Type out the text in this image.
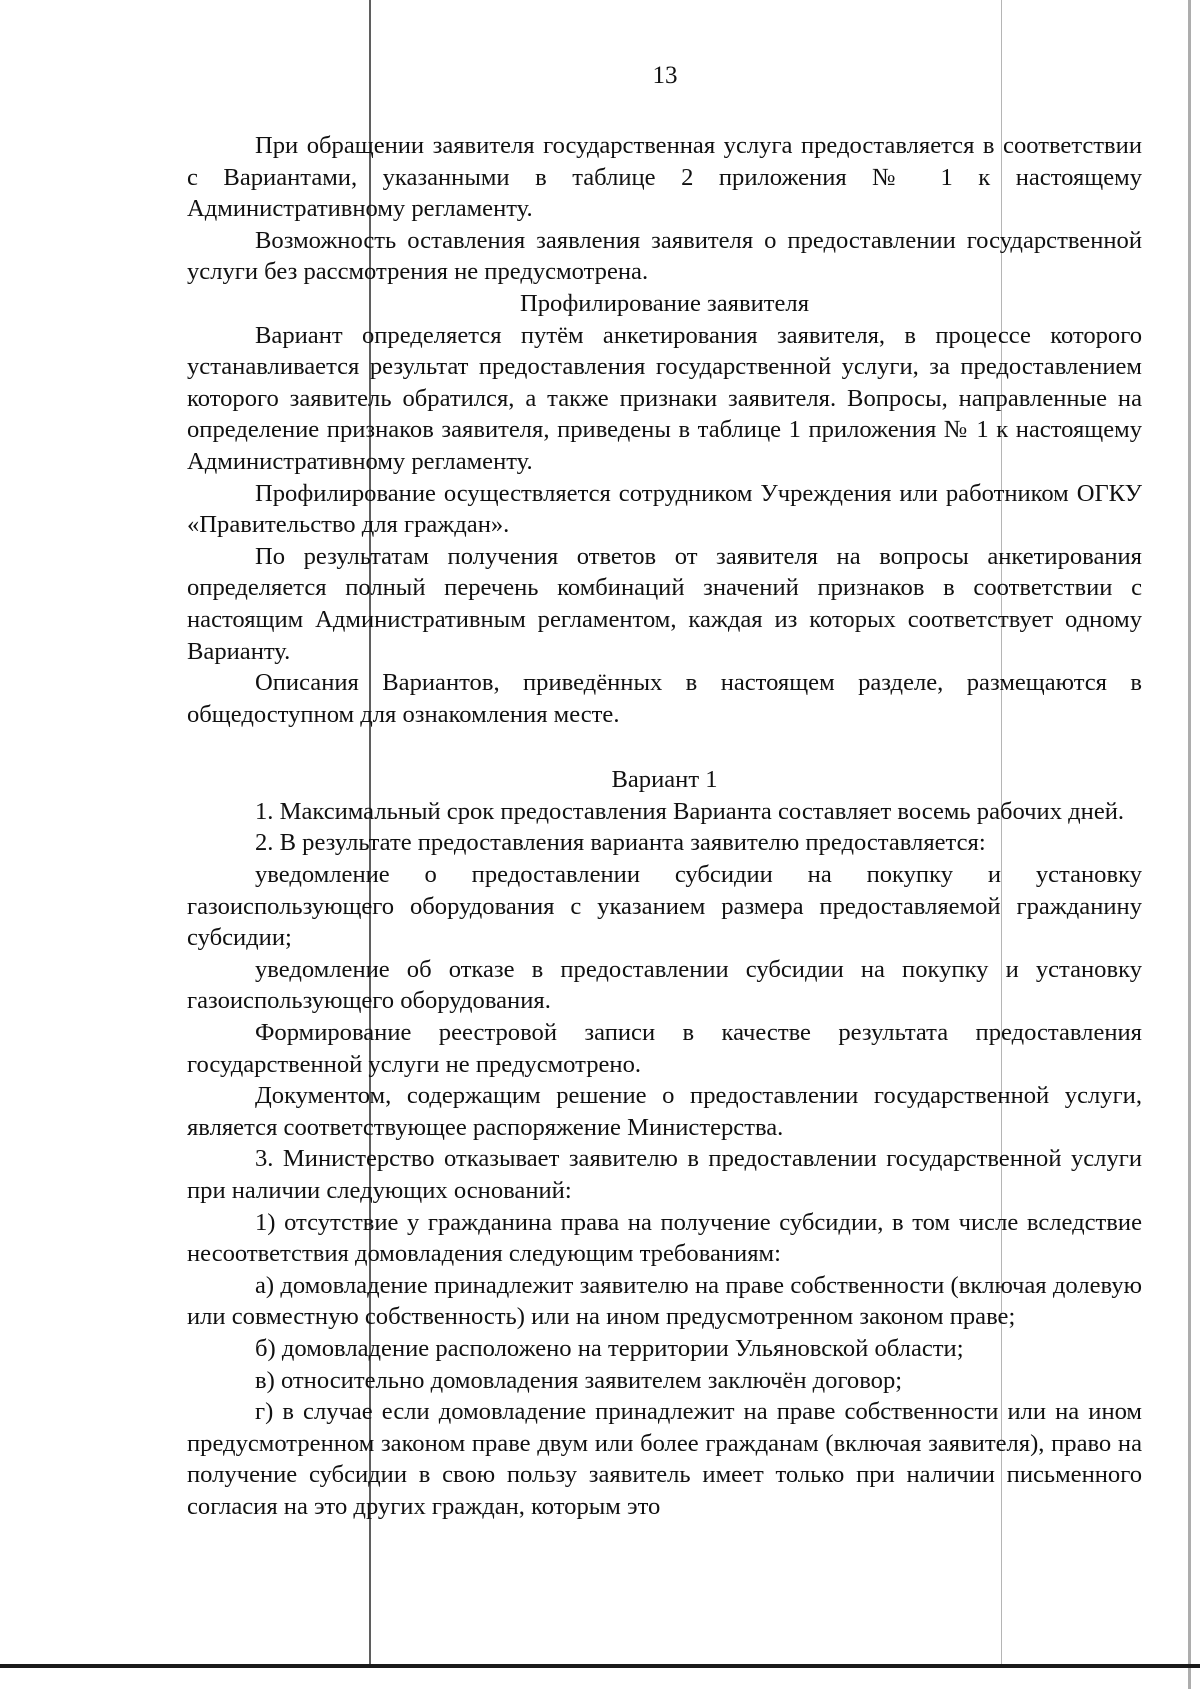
13

При обращении заявителя государственная услуга предоставляется в соответствии с Вариантами, указанными в таблице 2 приложения № 1 к настоящему Административному регламенту.

Возможность оставления заявления заявителя о предоставлении государственной услуги без рассмотрения не предусмотрена.

Профилирование заявителя

Вариант определяется путём анкетирования заявителя, в процессе которого устанавливается результат предоставления государственной услуги, за предоставлением которого заявитель обратился, а также признаки заявителя. Вопросы, направленные на определение признаков заявителя, приведены в таблице 1 приложения № 1 к настоящему Административному регламенту.

Профилирование осуществляется сотрудником Учреждения или работником ОГКУ «Правительство для граждан».

По результатам получения ответов от заявителя на вопросы анкетирования определяется полный перечень комбинаций значений признаков в соответствии с настоящим Административным регламентом, каждая из которых соответствует одному Варианту.

Описания Вариантов, приведённых в настоящем разделе, размещаются в общедоступном для ознакомления месте.

Вариант 1

1. Максимальный срок предоставления Варианта составляет восемь рабочих дней.

2. В результате предоставления варианта заявителю предоставляется:

уведомление о предоставлении субсидии на покупку и установку газоиспользующего оборудования с указанием размера предоставляемой гражданину субсидии;

уведомление об отказе в предоставлении субсидии на покупку и установку газоиспользующего оборудования.

Формирование реестровой записи в качестве результата предоставления государственной услуги не предусмотрено.

Документом, содержащим решение о предоставлении государственной услуги, является соответствующее распоряжение Министерства.

3. Министерство отказывает заявителю в предоставлении государственной услуги при наличии следующих оснований:

1) отсутствие у гражданина права на получение субсидии, в том числе вследствие несоответствия домовладения следующим требованиям:

а) домовладение принадлежит заявителю на праве собственности (включая долевую или совместную собственность) или на ином предусмотренном законом праве;

б) домовладение расположено на территории Ульяновской области;

в) относительно домовладения заявителем заключён договор;

г) в случае если домовладение принадлежит на праве собственности или на ином предусмотренном законом праве двум или более гражданам (включая заявителя), право на получение субсидии в свою пользу заявитель имеет только при наличии письменного согласия на это других граждан, которым это
